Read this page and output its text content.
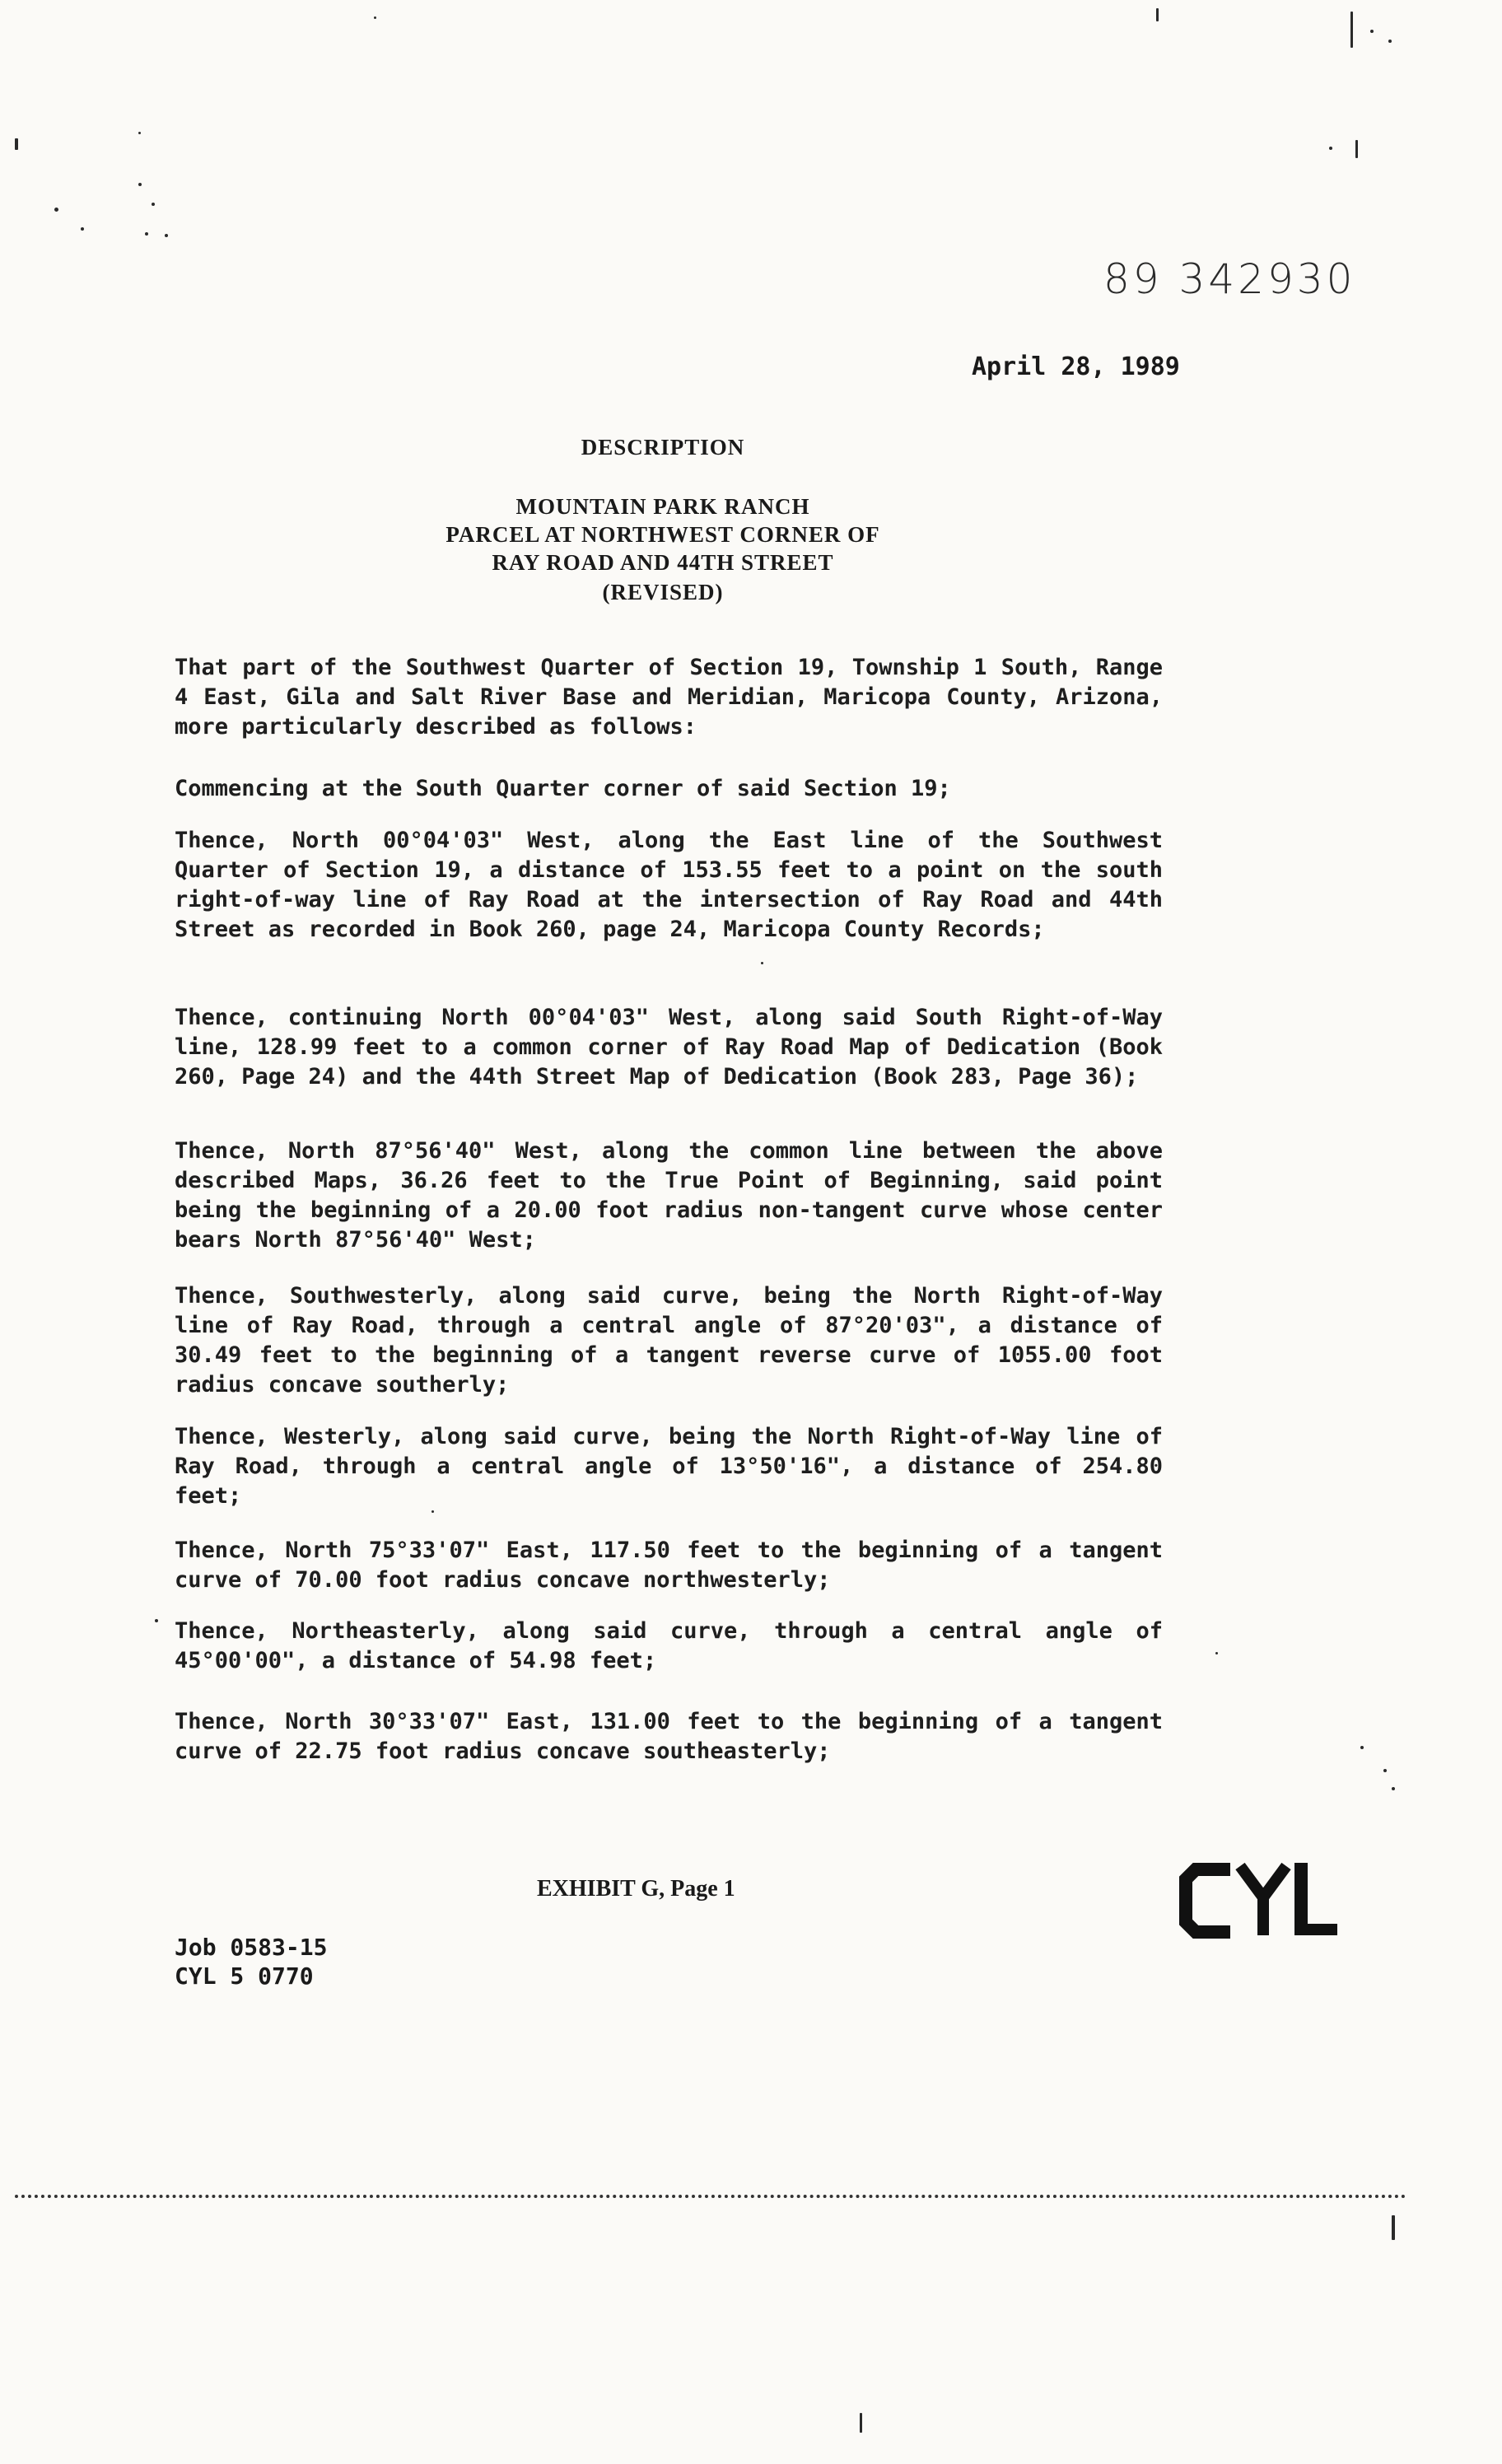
89 342930
April 28, 1989
DESCRIPTION
MOUNTAIN PARK RANCH
PARCEL AT NORTHWEST CORNER OF
RAY ROAD AND 44TH STREET
(REVISED)
That part of the Southwest Quarter of Section 19, Township 1 South, Range 4 East, Gila and Salt River Base and Meridian, Maricopa County, Arizona, more particularly described as follows:
Commencing at the South Quarter corner of said Section 19;
Thence, North 00°04'03" West, along the East line of the Southwest Quarter of Section 19, a distance of 153.55 feet to a point on the south right-of-way line of Ray Road at the intersection of Ray Road and 44th Street as recorded in Book 260, page 24, Maricopa County Records;
Thence, continuing North 00°04'03" West, along said South Right-of-Way line, 128.99 feet to a common corner of Ray Road Map of Dedication (Book 260, Page 24) and the 44th Street Map of Dedication (Book 283, Page 36);
Thence, North 87°56'40" West, along the common line between the above described Maps, 36.26 feet to the True Point of Beginning, said point being the beginning of a 20.00 foot radius non-tangent curve whose center bears North 87°56'40" West;
Thence, Southwesterly, along said curve, being the North Right-of-Way line of Ray Road, through a central angle of 87°20'03", a distance of 30.49 feet to the beginning of a tangent reverse curve of 1055.00 foot radius concave southerly;
Thence, Westerly, along said curve, being the North Right-of-Way line of Ray Road, through a central angle of 13°50'16", a distance of 254.80 feet;
Thence, North 75°33'07" East, 117.50 feet to the beginning of a tangent curve of 70.00 foot radius concave northwesterly;
Thence, Northeasterly, along said curve, through a central angle of 45°00'00", a distance of 54.98 feet;
Thence, North 30°33'07" East, 131.00 feet to the beginning of a tangent curve of 22.75 foot radius concave southeasterly;
EXHIBIT G, Page 1
Job 0583-15
CYL 5 0770
